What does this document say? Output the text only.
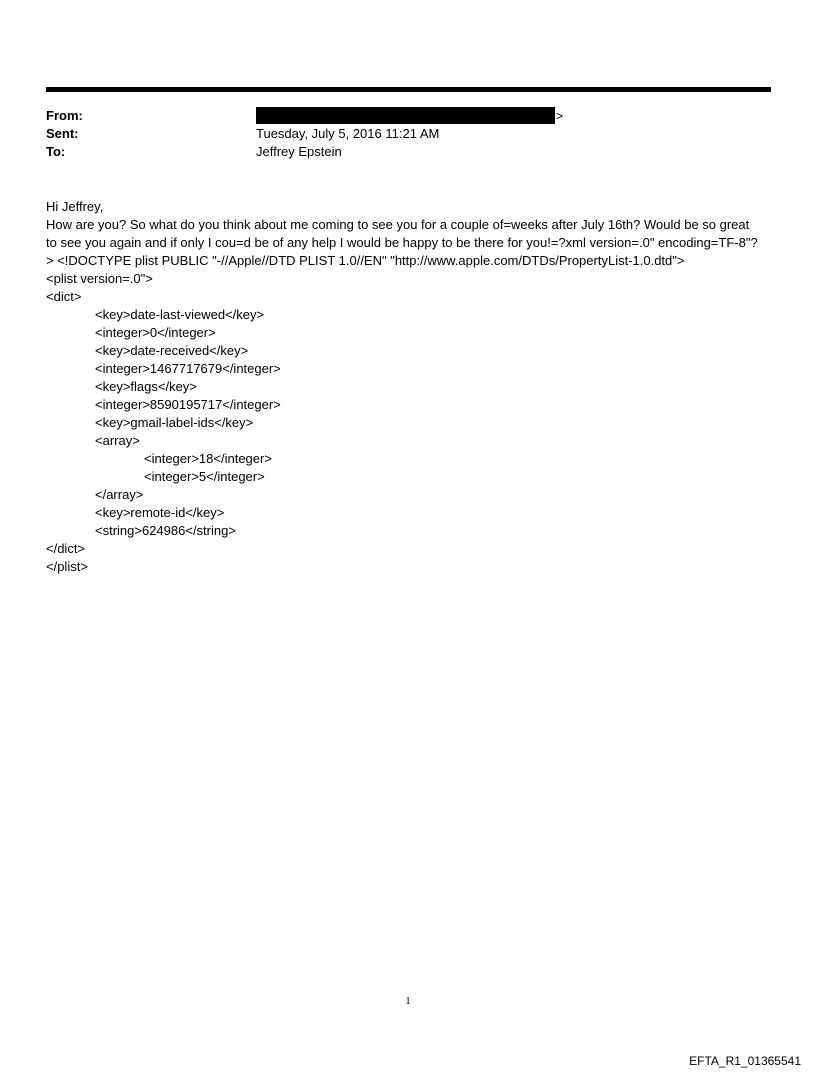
From:	>
Sent:	Tuesday, July 5, 2016 11:21 AM
To:	Jeffrey Epstein
Hi Jeffrey,
How are you? So what do you think about me coming to see you for a couple of=weeks after July 16th? Would be so great to see you again and if only I cou=d be of any help I would be happy to be there for you!=?xml version=.0" encoding=TF-8"?> <!DOCTYPE plist PUBLIC "-//Apple//DTD PLIST 1.0//EN" "http://www.apple.com/DTDs/PropertyList-1.0.dtd">
<plist version=.0">
<dict>
<key>date-last-viewed</key>
<integer>0</integer>
<key>date-received</key>
<integer>1467717679</integer>
<key>flags</key>
<integer>8590195717</integer>
<key>gmail-label-ids</key>
<array>
<integer>18</integer>
<integer>5</integer>
</array>
<key>remote-id</key>
<string>624986</string>
</dict>
</plist>
1
EFTA_R1_01365541
